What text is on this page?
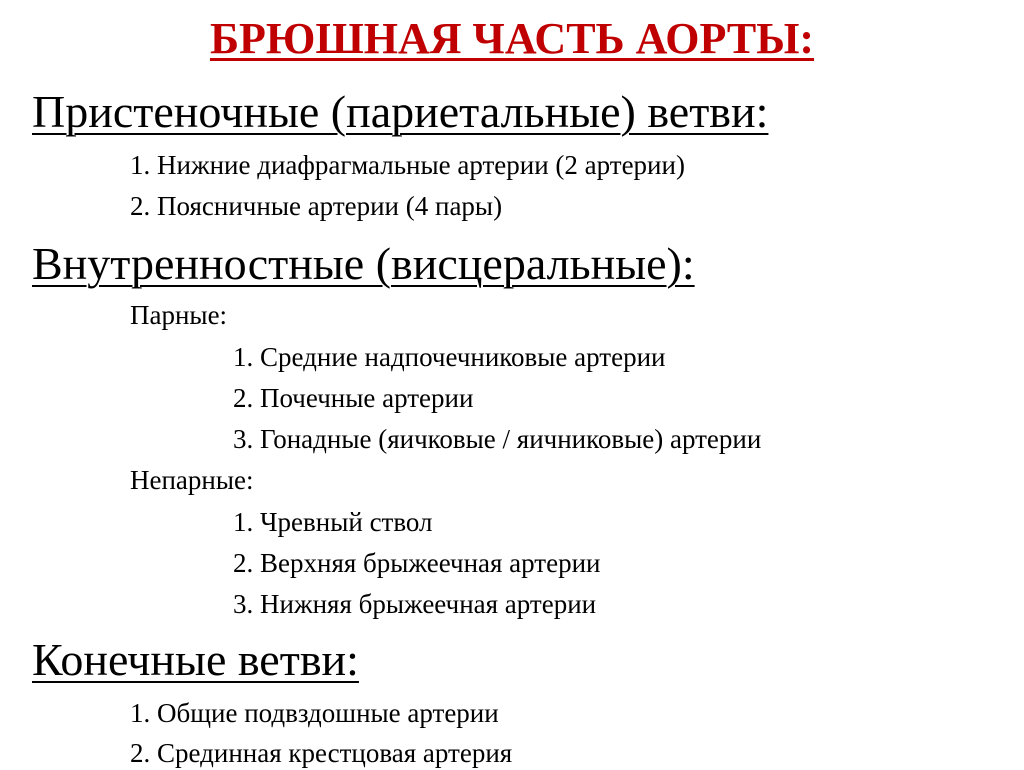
БРЮШНАЯ ЧАСТЬ АОРТЫ:
Пристеночные (париетальные) ветви:
1. Нижние диафрагмальные артерии (2 артерии)
2. Поясничные артерии (4 пары)
Внутренностные (висцеральные):
Парные:
1. Средние надпочечниковые артерии
2. Почечные артерии
3. Гонадные (яичковые / яичниковые) артерии
Непарные:
1. Чревный ствол
2. Верхняя брыжеечная артерии
3. Нижняя брыжеечная артерии
Конечные ветви:
1. Общие подвздошные артерии
2. Срединная крестцовая артерия
